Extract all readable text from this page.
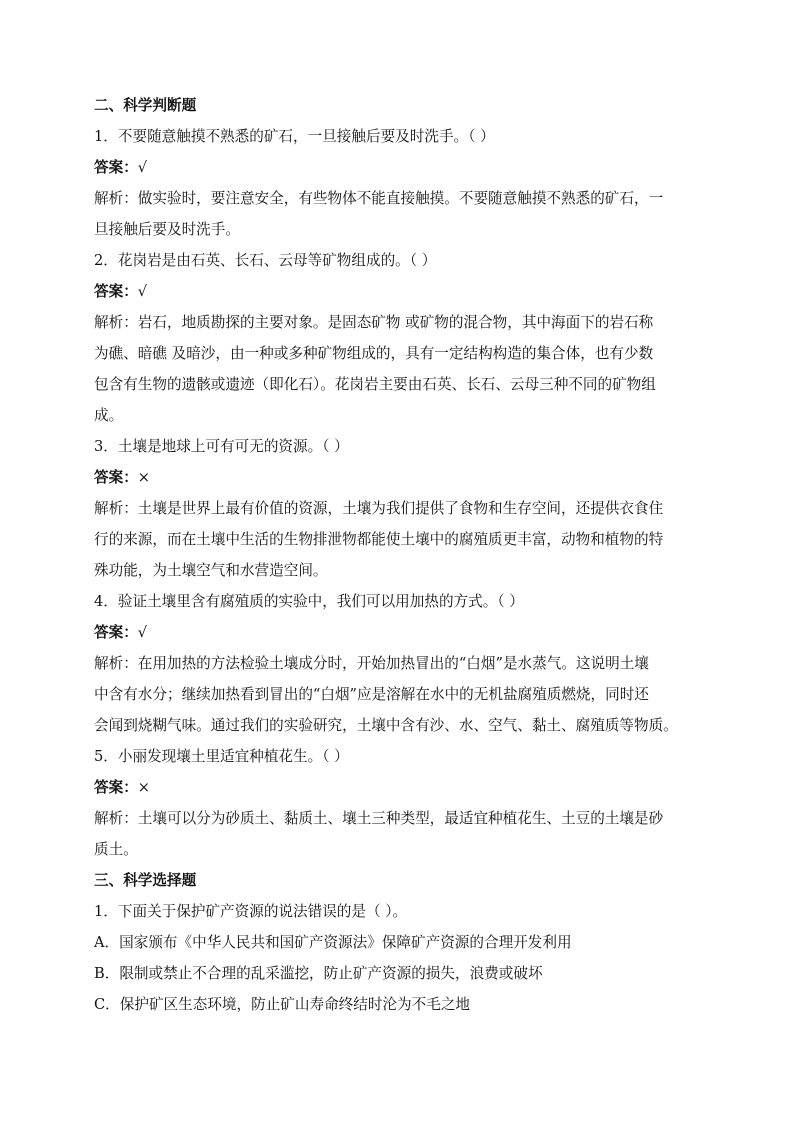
二、科学判断题
1．不要随意触摸不熟悉的矿石，一旦接触后要及时洗手。（ ）
答案：√
解析：做实验时，要注意安全，有些物体不能直接触摸。不要随意触摸不熟悉的矿石，一
旦接触后要及时洗手。
2．花岗岩是由石英、长石、云母等矿物组成的。（ ）
答案：√
解析：岩石，地质勘探的主要对象。是固态矿物 或矿物的混合物，其中海面下的岩石称
为礁、暗礁 及暗沙，由一种或多种矿物组成的，具有一定结构构造的集合体，也有少数
包含有生物的遗骸或遗迹（即化石）。花岗岩主要由石英、长石、云母三种不同的矿物组
成。
3．土壤是地球上可有可无的资源。（ ）
答案：×
解析：土壤是世界上最有价值的资源，土壤为我们提供了食物和生存空间，还提供衣食住
行的来源，而在土壤中生活的生物排泄物都能使土壤中的腐殖质更丰富，动物和植物的特
殊功能，为土壤空气和水营造空间。
4．验证土壤里含有腐殖质的实验中，我们可以用加热的方式。（ ）
答案：√
解析：在用加热的方法检验土壤成分时，开始加热冒出的“白烟”是水蒸气。这说明土壤
中含有水分；继续加热看到冒出的“白烟”应是溶解在水中的无机盐腐殖质燃烧，同时还
会闻到烧糊气味。通过我们的实验研究，土壤中含有沙、水、空气、黏土、腐殖质等物质。
5．小丽发现壤土里适宜种植花生。（ ）
答案：×
解析：土壤可以分为砂质土、黏质土、壤土三种类型，最适宜种植花生、土豆的土壤是砂
质土。
三、科学选择题
1．下面关于保护矿产资源的说法错误的是（ ）。
A．国家颁布《中华人民共和国矿产资源法》保障矿产资源的合理开发利用
B．限制或禁止不合理的乱采滥挖，防止矿产资源的损失，浪费或破坏
C．保护矿区生态环境，防止矿山寿命终结时沦为不毛之地
